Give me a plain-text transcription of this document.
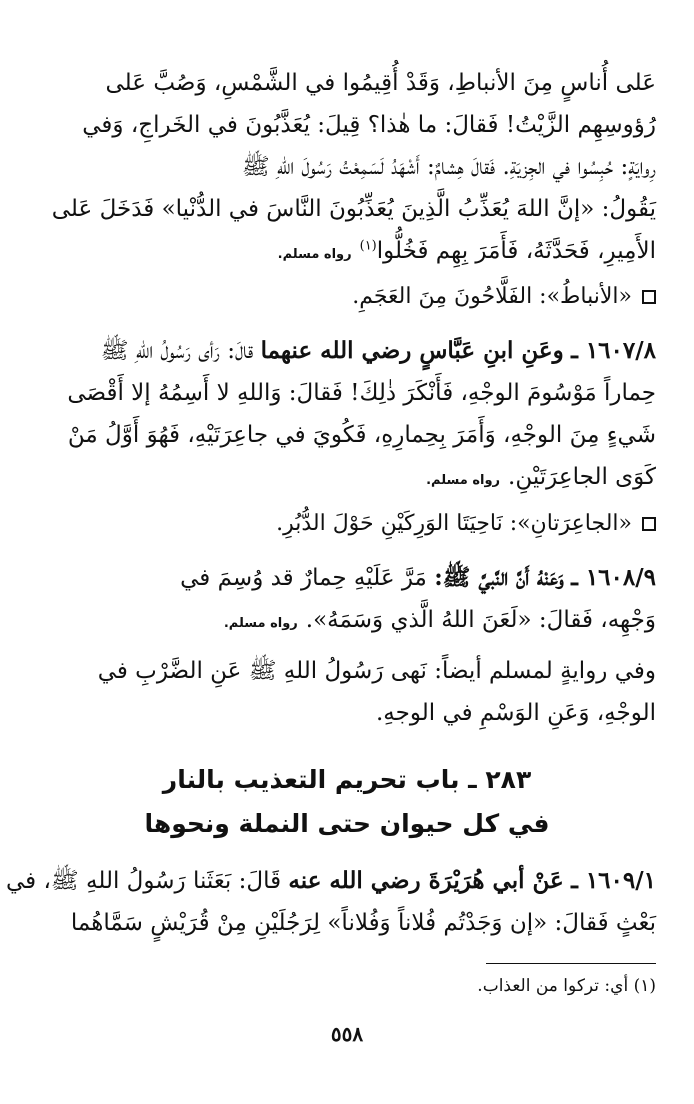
عَلى أُناسٍ مِنَ الأنباطِ، وَقَدْ أُقِيمُوا في الشَّمْسِ، وَصُبَّ عَلى
رُؤوسِهِم الزَّيْتُ! فَقالَ: ما هٰذا؟ قِيلَ: يُعَذَّبُونَ في الخَراجِ، وَفي
رِوايَةٍ: حُبِسُوا في الجِزيَةِ. فَقالَ هِشامٌ: أَشْهَدُ لَسَمِعْتُ رَسُولَ اللهِ ﷺ
يَقُولُ: «إنَّ اللهَ يُعَذِّبُ الَّذِينَ يُعَذِّبُونَ النَّاسَ في الدُّنْيا» فَدَخَلَ عَلى
الأَمِيرِ، فَحَدَّثَهُ، فَأَمَرَ بِهِم فَخُلُّوا$^{(١)}$رواه مسلم.
«الأنباطُ»: الفَلَّاحُونَ مِنَ العَجَمِ.
١٦٠٧/٨ ـ وعَنِ ابنِ عَبَّاسٍ رضي الله عنهما قالَ: رَأى رَسُولُ اللهِ ﷺ
حِماراً مَوْسُومَ الوجْهِ، فَأَنْكَرَ ذٰلِكَ! فَقالَ: وَاللهِ لا أَسِمُهُ إلا أَقْصَى
شَيءٍ مِنَ الوجْهِ، وَأَمَرَ بِحِمارِهِ، فَكُويَ في جاعِرَتَيْهِ، فَهُوَ أَوَّلُ مَنْ
كَوَى الجاعِرَتَيْنِ.رواه مسلم.
«الجاعِرَتانِ»: نَاحِيَتَا الوَرِكَيْنِ حَوْلَ الدُّبُرِ.
١٦٠٨/٩ ـ وَعَنْهُ أَنَّ النَّبيَّ ﷺ: مَرَّ عَلَيْهِ حِمارٌ قد وُسِمَ في
وَجْهِه، فَقالَ: «لَعَنَ اللهُ الَّذي وَسَمَهُ».رواه مسلم.
وفي روايةٍ لمسلم أيضاً: نَهى رَسُولُ اللهِ ﷺ عَنِ الضَّرْبِ في
الوجْهِ، وَعَنِ الوَسْمِ في الوجهِ.
٢٨٣ ـ باب تحريم التعذيب بالنار
في كل حيوان حتى النملة ونحوها
١٦٠٩/١ ـ عَنْ أبي هُرَيْرَةَ رضي الله عنه قَالَ: بَعَثَنا رَسُولُ اللهِ ﷺ، في
بَعْثٍ فَقالَ: «إن وَجَدْتُم فُلاناً وَفُلاناً» لِرَجُلَيْنِ مِنْ قُرَيْشٍ سَمَّاهُما
(١) أي: تركوا من العذاب.
٥٥٨
